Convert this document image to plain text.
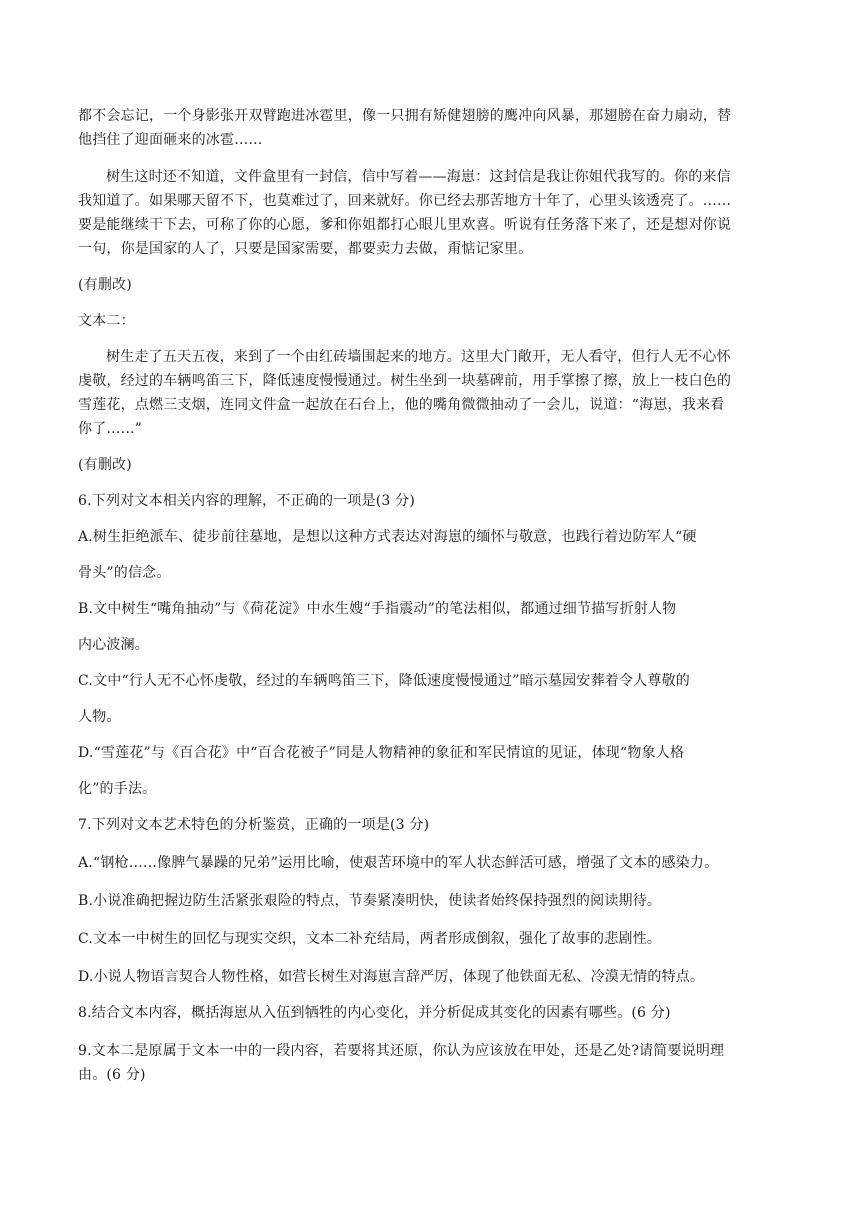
都不会忘记，一个身影张开双臂跑进冰雹里，像一只拥有矫健翅膀的鹰冲向风暴，那翅膀在奋力扇动，替
他挡住了迎面砸来的冰雹……
树生这时还不知道，文件盒里有一封信，信中写着——海崽：这封信是我让你姐代我写的。你的来信
我知道了。如果哪天留不下，也莫难过了，回来就好。你已经去那苦地方十年了，心里头该透亮了。……
要是能继续干下去，可称了你的心愿，爹和你姐都打心眼儿里欢喜。听说有任务落下来了，还是想对你说
一句，你是国家的人了，只要是国家需要，都要卖力去做，甭惦记家里。
(有删改)
文本二：
树生走了五天五夜，来到了一个由红砖墙围起来的地方。这里大门敞开，无人看守，但行人无不心怀
虔敬，经过的车辆鸣笛三下，降低速度慢慢通过。树生坐到一块墓碑前，用手掌擦了擦，放上一枝白色的
雪莲花，点燃三支烟，连同文件盒一起放在石台上，他的嘴角微微抽动了一会儿，说道：“海崽，我来看
你了……”
(有删改)
6.下列对文本相关内容的理解，不正确的一项是(3 分)
A.树生拒绝派车、徒步前往墓地，是想以这种方式表达对海崽的缅怀与敬意，也践行着边防军人“硬
骨头”的信念。
B.文中树生“嘴角抽动”与《荷花淀》中水生嫂“手指震动”的笔法相似，都通过细节描写折射人物
内心波澜。
C.文中“行人无不心怀虔敬，经过的车辆鸣笛三下，降低速度慢慢通过”暗示墓园安葬着令人尊敬的
人物。
D.“雪莲花”与《百合花》中“百合花被子”同是人物精神的象征和军民情谊的见证，体现“物象人格
化”的手法。
7.下列对文本艺术特色的分析鉴赏，正确的一项是(3 分)
A.“钢枪……像脾气暴躁的兄弟”运用比喻，使艰苦环境中的军人状态鲜活可感，增强了文本的感染力。
B.小说准确把握边防生活紧张艰险的特点，节奏紧凑明快，使读者始终保持强烈的阅读期待。
C.文本一中树生的回忆与现实交织，文本二补充结局，两者形成倒叙，强化了故事的悲剧性。
D.小说人物语言契合人物性格，如营长树生对海崽言辞严厉，体现了他铁面无私、冷漠无情的特点。
8.结合文本内容，概括海崽从入伍到牺牲的内心变化，并分析促成其变化的因素有哪些。(6 分)
9.文本二是原属于文本一中的一段内容，若要将其还原，你认为应该放在甲处，还是乙处?请简要说明理
由。(6 分)
